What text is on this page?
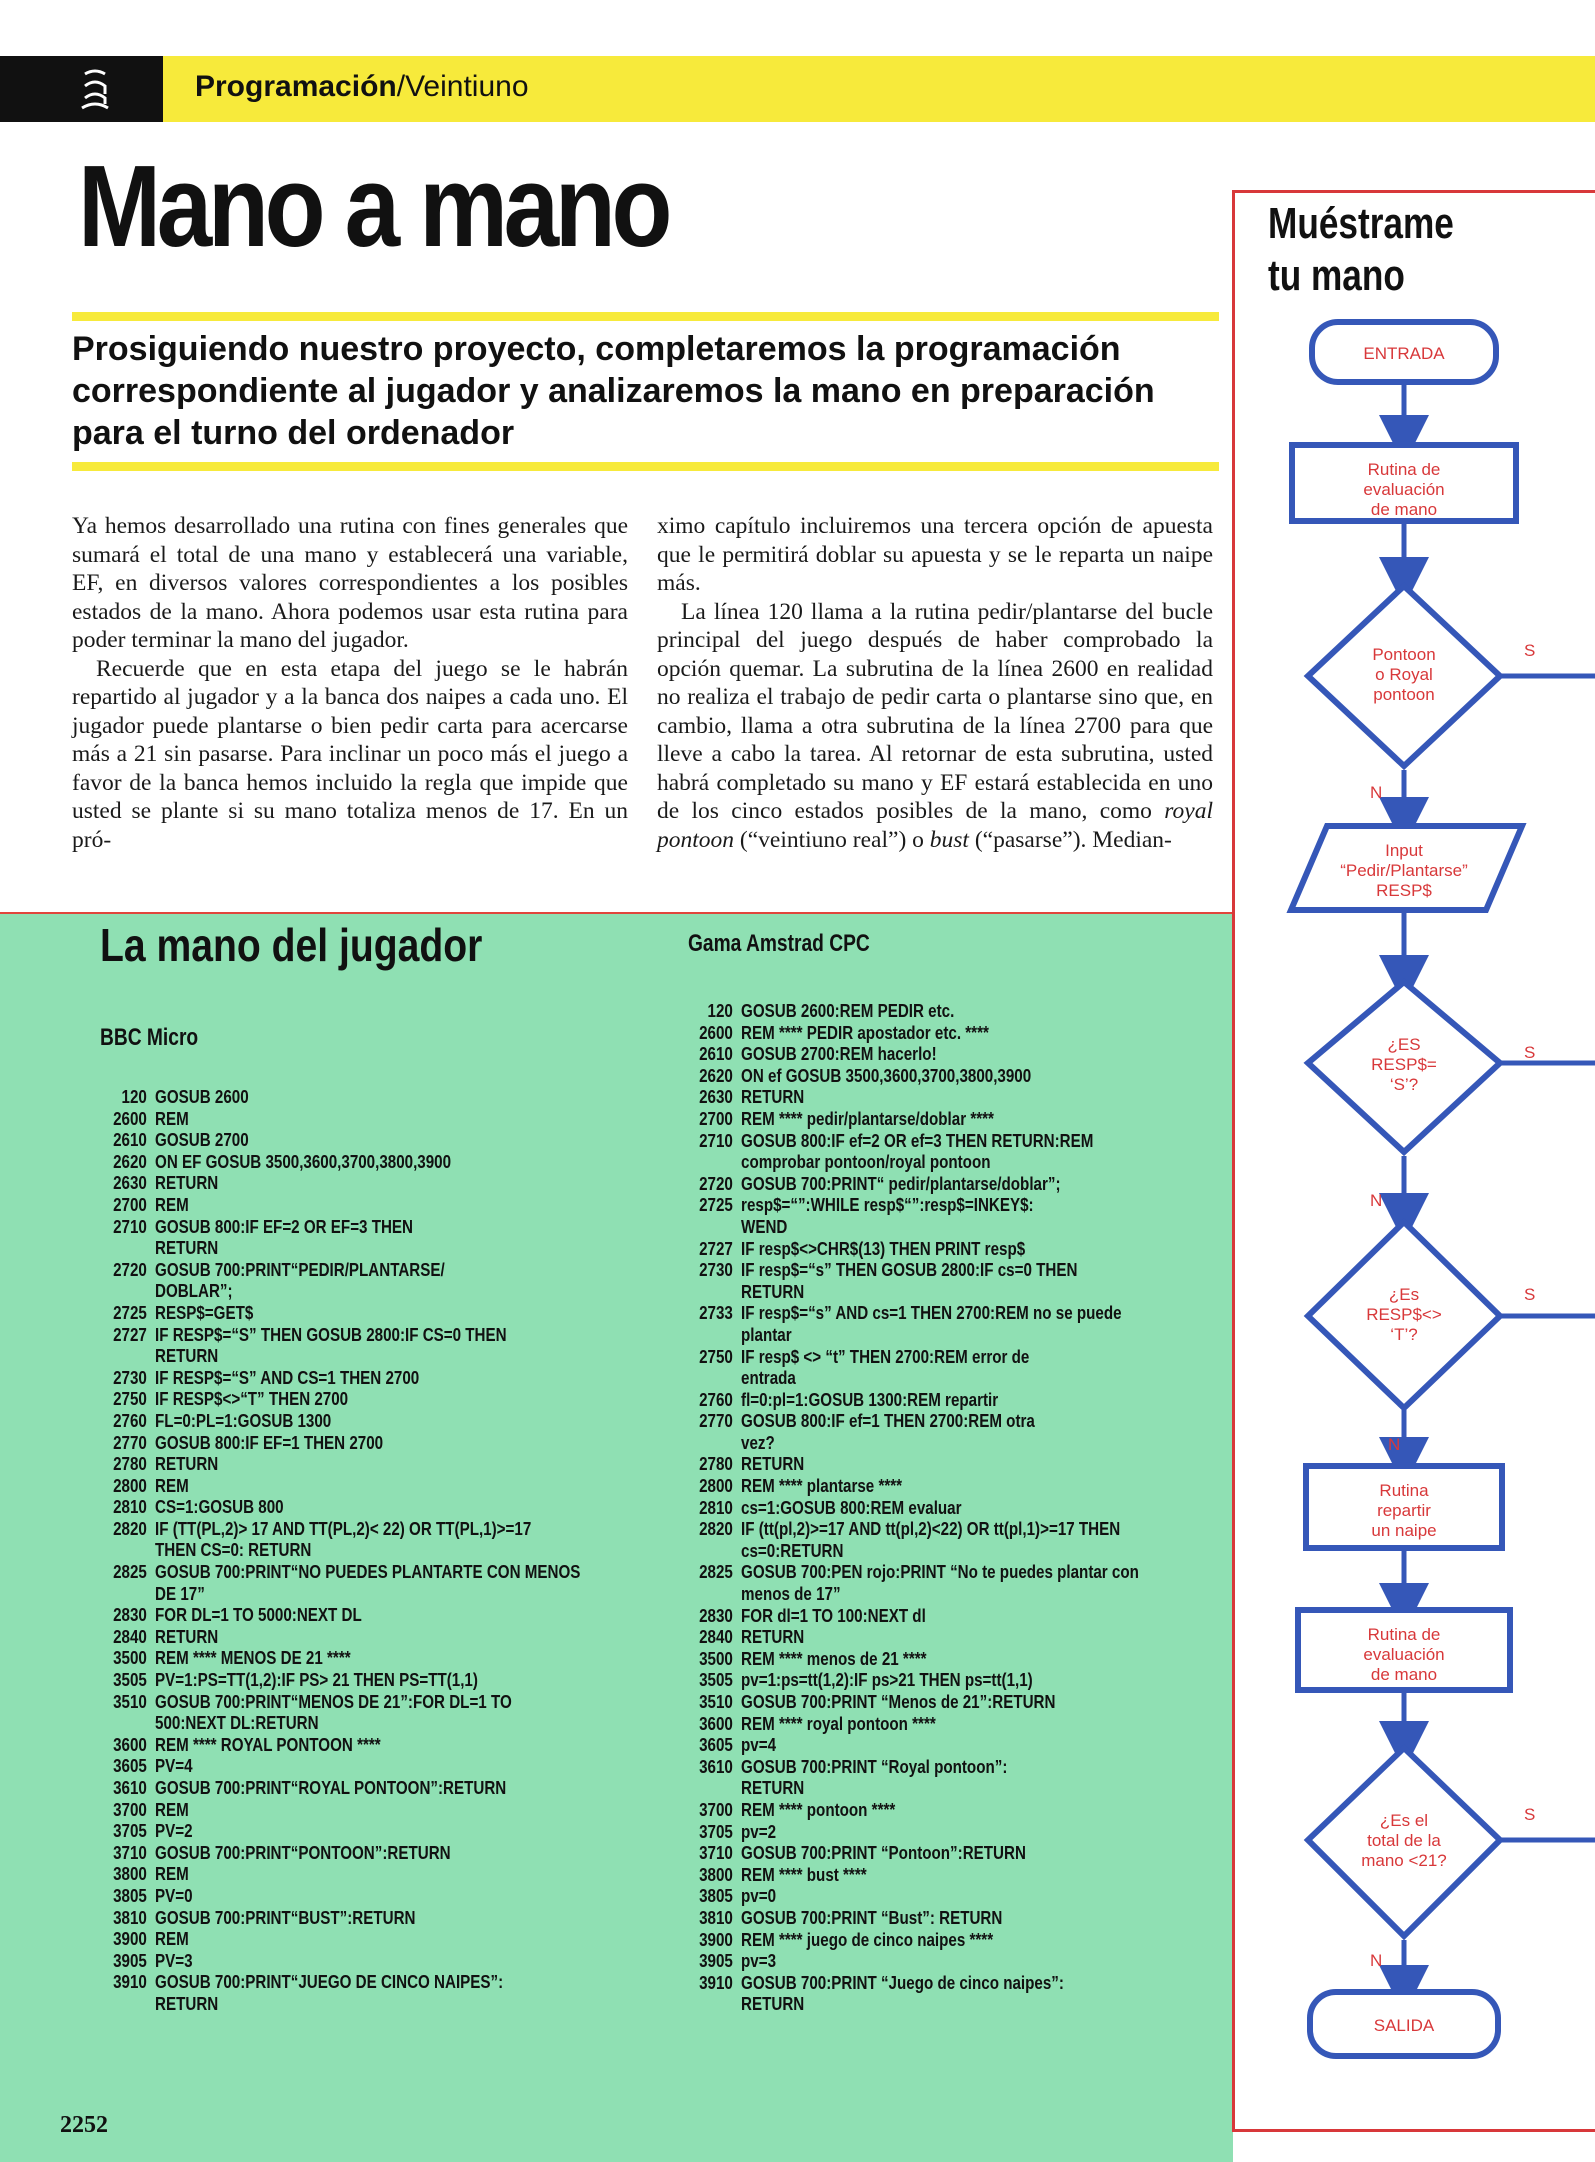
Programación/Veintiuno
Mano a mano
Prosiguiendo nuestro proyecto, completaremos la programación correspondiente al jugador y analizaremos la mano en preparación para el turno del ordenador

Ya hemos desarrollado una rutina con fines generales que sumará el total de una mano y establecerá una variable, EF, en diversos valores correspondientes a los posibles estados de la mano. Ahora podemos usar esta rutina para poder terminar la mano del jugador.

Recuerde que en esta etapa del juego se le habrán repartido al jugador y a la banca dos naipes a cada uno. El jugador puede plantarse o bien pedir carta para acercarse más a 21 sin pasarse. Para inclinar un poco más el juego a favor de la banca hemos incluido la regla que impide que usted se plante si su mano totaliza menos de 17. En un pró-

ximo capítulo incluiremos una tercera opción de apuesta que le permitirá doblar su apuesta y se le reparta un naipe más.

La línea 120 llama a la rutina pedir/plantarse del bucle principal del juego después de haber comprobado la opción quemar. La subrutina de la línea 2600 en realidad no realiza el trabajo de pedir carta o plantarse sino que, en cambio, llama a otra subrutina de la línea 2700 para que lleve a cabo la tarea. Al retornar de esta subrutina, usted habrá completado su mano y EF estará establecida en uno de los cinco estados posibles de la mano, como royal pontoon (“veintiuno real”) o bust (“pasarse”). Median-

La mano del jugador	Gama Amstrad CPC
BBC Micro
120 GOSUB 2600
2600 REM
2610 GOSUB 2700
2620 ON EF GOSUB 3500,3600,3700,3800,3900
2630 RETURN
2700 REM
2710 GOSUB 800:IF EF=2 OR EF=3 THEN
RETURN
2720 GOSUB 700:PRINT“PEDIR/PLANTARSE/
DOBLAR”;
2725 RESP$=GET$
2727 IF RESP$=“S” THEN GOSUB 2800:IF CS=0 THEN
RETURN
2730 IF RESP$=“S” AND CS=1 THEN 2700
2750 IF RESP$<>“T” THEN 2700
2760 FL=0:PL=1:GOSUB 1300
2770 GOSUB 800:IF EF=1 THEN 2700
2780 RETURN
2800 REM
2810 CS=1:GOSUB 800
2820 IF (TT(PL,2)> 17 AND TT(PL,2)< 22) OR TT(PL,1)>=17
THEN CS=0: RETURN
2825 GOSUB 700:PRINT“NO PUEDES PLANTARTE CON MENOS
DE 17”
2830 FOR DL=1 TO 5000:NEXT DL
2840 RETURN
3500 REM **** MENOS DE 21 ****
3505 PV=1:PS=TT(1,2):IF PS> 21 THEN PS=TT(1,1)
3510 GOSUB 700:PRINT“MENOS DE 21”:FOR DL=1 TO
500:NEXT DL:RETURN
3600 REM **** ROYAL PONTOON ****
3605 PV=4
3610 GOSUB 700:PRINT“ROYAL PONTOON”:RETURN
3700 REM
3705 PV=2
3710 GOSUB 700:PRINT“PONTOON”:RETURN
3800 REM
3805 PV=0
3810 GOSUB 700:PRINT“BUST”:RETURN
3900 REM
3905 PV=3
3910 GOSUB 700:PRINT“JUEGO DE CINCO NAIPES”:
RETURN
120 GOSUB 2600:REM PEDIR etc.
2600 REM **** PEDIR apostador etc. ****
2610 GOSUB 2700:REM hacerlo!
2620 ON ef GOSUB 3500,3600,3700,3800,3900
2630 RETURN
2700 REM **** pedir/plantarse/doblar ****
2710 GOSUB 800:IF ef=2 OR ef=3 THEN RETURN:REM
comprobar pontoon/royal pontoon
2720 GOSUB 700:PRINT“ pedir/plantarse/doblar”;
2725 resp$=“”:WHILE resp$“”:resp$=INKEY$:
WEND
2727 IF resp$<>CHR$(13) THEN PRINT resp$
2730 IF resp$=“s” THEN GOSUB 2800:IF cs=0 THEN
RETURN
2733 IF resp$=“s” AND cs=1 THEN 2700:REM no se puede
plantar
2750 IF resp$ <> “t” THEN 2700:REM error de
entrada
2760 fl=0:pl=1:GOSUB 1300:REM repartir
2770 GOSUB 800:IF ef=1 THEN 2700:REM otra
vez?
2780 RETURN
2800 REM **** plantarse ****
2810 cs=1:GOSUB 800:REM evaluar
2820 IF (tt(pl,2)>=17 AND tt(pl,2)<22) OR tt(pl,1)>=17 THEN
cs=0:RETURN
2825 GOSUB 700:PEN rojo:PRINT “No te puedes plantar con
menos de 17”
2830 FOR dl=1 TO 100:NEXT dl
2840 RETURN
3500 REM **** menos de 21 ****
3505 pv=1:ps=tt(1,2):IF ps>21 THEN ps=tt(1,1)
3510 GOSUB 700:PRINT “Menos de 21”:RETURN
3600 REM **** royal pontoon ****
3605 pv=4
3610 GOSUB 700:PRINT “Royal pontoon”:
RETURN
3700 REM **** pontoon ****
3705 pv=2
3710 GOSUB 700:PRINT “Pontoon”:RETURN
3800 REM **** bust ****
3805 pv=0
3810 GOSUB 700:PRINT “Bust”: RETURN
3900 REM **** juego de cinco naipes ****
3905 pv=3
3910 GOSUB 700:PRINT “Juego de cinco naipes”:
RETURN
2252
Muéstrame
tu mano
ENTRADA
Rutina de
evaluación
de mano
Pontoon
o Royal
pontoon
S
N
Input
“Pedir/Plantarse”
RESP$
¿ES
RESP$=
‘S’?
S
N
¿Es
RESP$<>
‘T’?
S
N
Rutina
repartir
un naipe
Rutina de
evaluación
de mano
¿Es el
total de la
mano <21?
S
N
SALIDA
